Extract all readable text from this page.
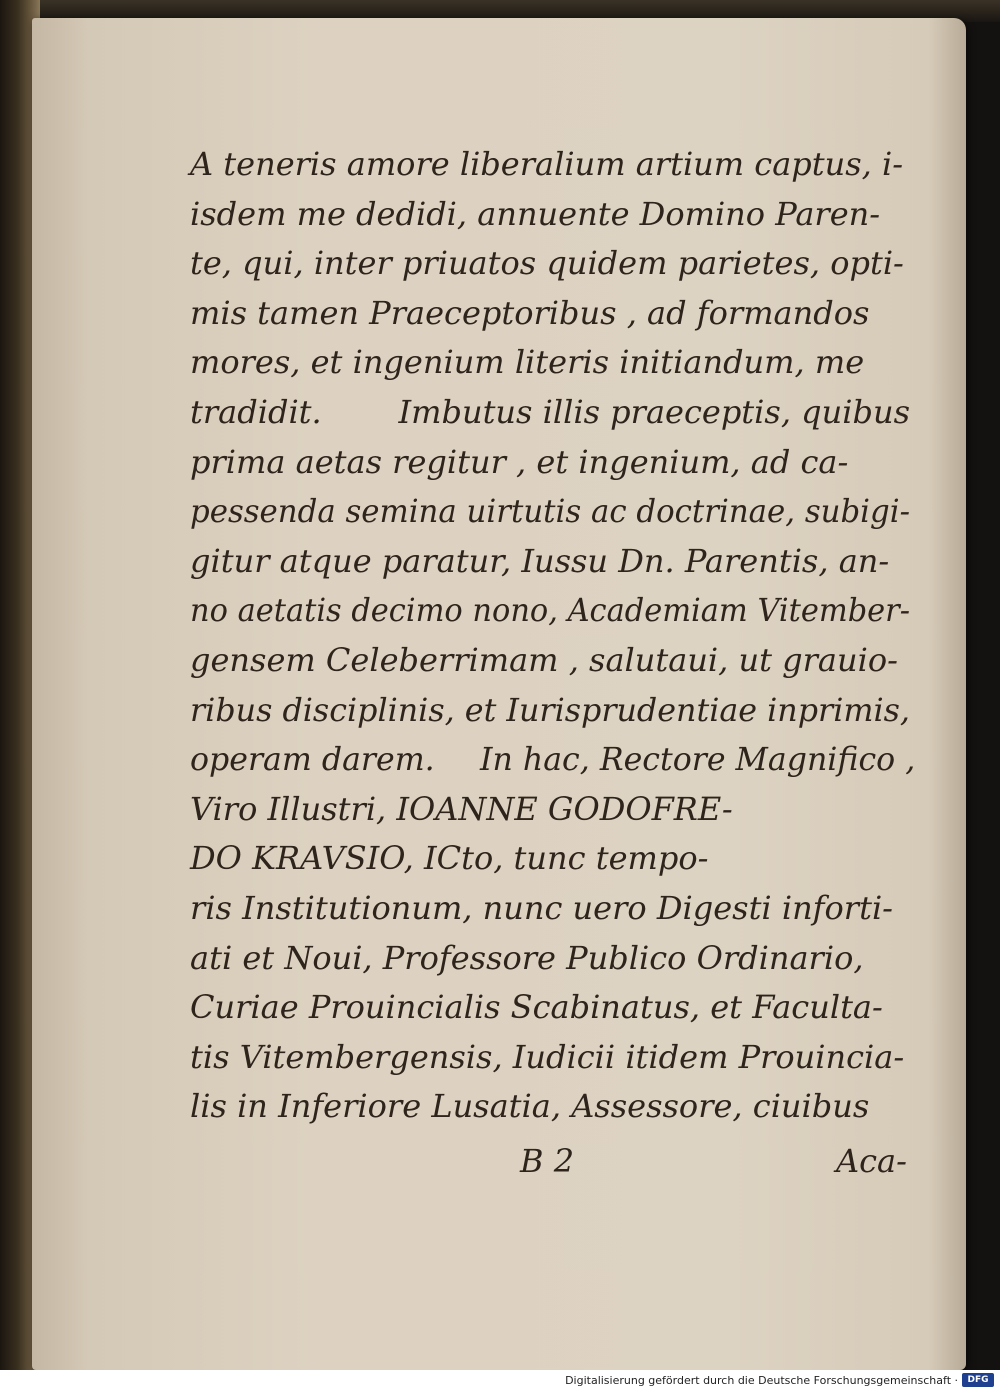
A teneris amore liberalium artium captus, i-
isdem me dedidi, annuente Domino Paren-
te, qui, inter priuatos quidem parietes, opti-
mis tamen Praeceptoribus , ad formandos
mores, et ingenium literis initiandum, me
tradidit. Imbutus illis praeceptis, quibus
prima aetas regitur , et ingenium, ad ca-
pessenda semina uirtutis ac doctrinae, subigi-
gitur atque paratur, Iussu Dn. Parentis, an-
no aetatis decimo nono, Academiam Vitember-
gensem Celeberrimam , salutaui, ut grauio-
ribus disciplinis, et Iurisprudentiae inprimis,
operam darem. In hac, Rectore Magnifico ,
Viro Illustri, IOANNE GODOFRE-
DO KRAVSIO, ICto, tunc tempo-
ris Institutionum, nunc uero Digesti inforti-
ati et Noui, Professore Publico Ordinario,
Curiae Prouincialis Scabinatus, et Faculta-
tis Vitembergensis, Iudicii itidem Prouincia-
lis in Inferiore Lusatia, Assessore, ciuibus
B 2	Aca-
Digitalisierung gefördert durch die Deutsche Forschungsgemeinschaft ·	DFG
